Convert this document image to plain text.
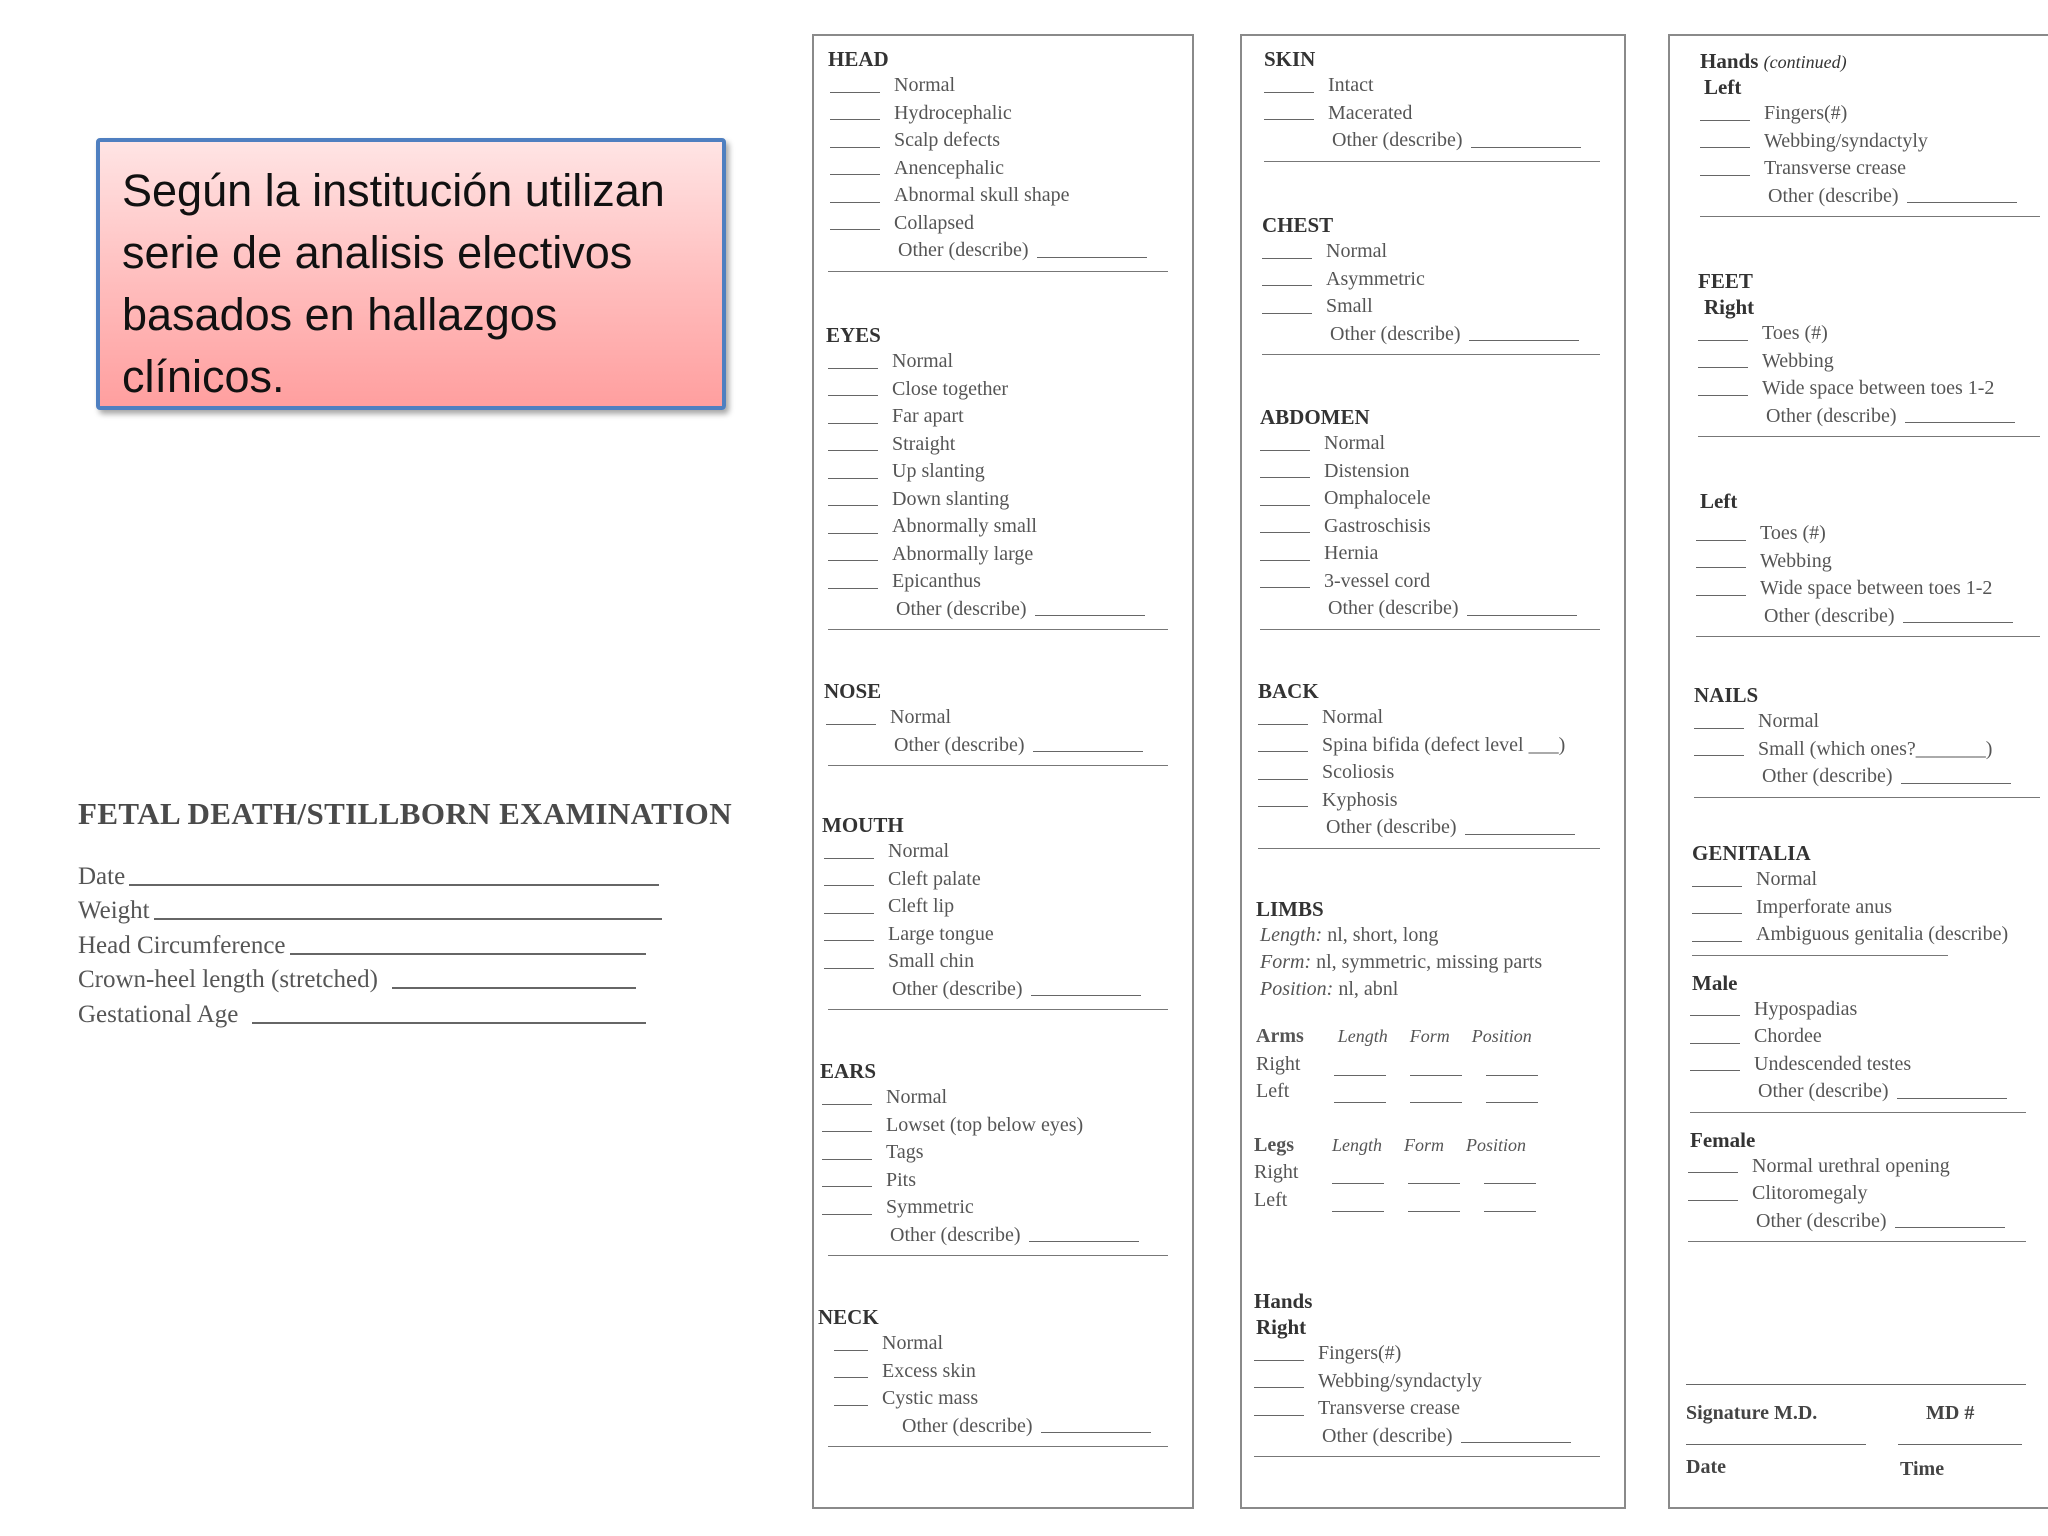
Según la institución utilizan serie de analisis electivos basados en hallazgos clínicos.
FETAL DEATH/STILLBORN EXAMINATION
Date
Weight
Head Circumference
Crown-heel length (stretched)
Gestational Age
HEAD
Normal
Hydrocephalic
Scalp defects
Anencephalic
Abnormal skull shape
Collapsed
Other (describe)
EYES
Normal
Close together
Far apart
Straight
Up slanting
Down slanting
Abnormally small
Abnormally large
Epicanthus
Other (describe)
NOSE
Normal
Other (describe)
MOUTH
Normal
Cleft palate
Cleft lip
Large tongue
Small chin
Other (describe)
EARS
Normal
Lowset (top below eyes)
Tags
Pits
Symmetric
Other (describe)
NECK
Normal
Excess skin
Cystic mass
Other (describe)
SKIN
Intact
Macerated
Other (describe)
CHEST
Normal
Asymmetric
Small
Other (describe)
ABDOMEN
Normal
Distension
Omphalocele
Gastroschisis
Hernia
3-vessel cord
Other (describe)
BACK
Normal
Spina bifida (defect level ___)
Scoliosis
Kyphosis
Other (describe)
LIMBS
Length: nl, short, long
Form: nl, symmetric, missing parts
Position: nl, abnl
Arms Length Form Position
Right
Left
Legs Length Form Position
Right
Left
Hands
Right
Fingers(#)
Webbing/syndactyly
Transverse crease
Other (describe)
Hands (continued)
Left
Fingers(#)
Webbing/syndactyly
Transverse crease
Other (describe)
FEET
Right
Toes (#)
Webbing
Wide space between toes 1-2
Other (describe)
Left
Toes (#)
Webbing
Wide space between toes 1-2
Other (describe)
NAILS
Normal
Small (which ones?_______)
Other (describe)
GENITALIA
Normal
Imperforate anus
Ambiguous genitalia (describe)
Male
Hypospadias
Chordee
Undescended testes
Other (describe)
Female
Normal urethral opening
Clitoromegaly
Other (describe)
Signature M.D.	MD #
Date	Time
